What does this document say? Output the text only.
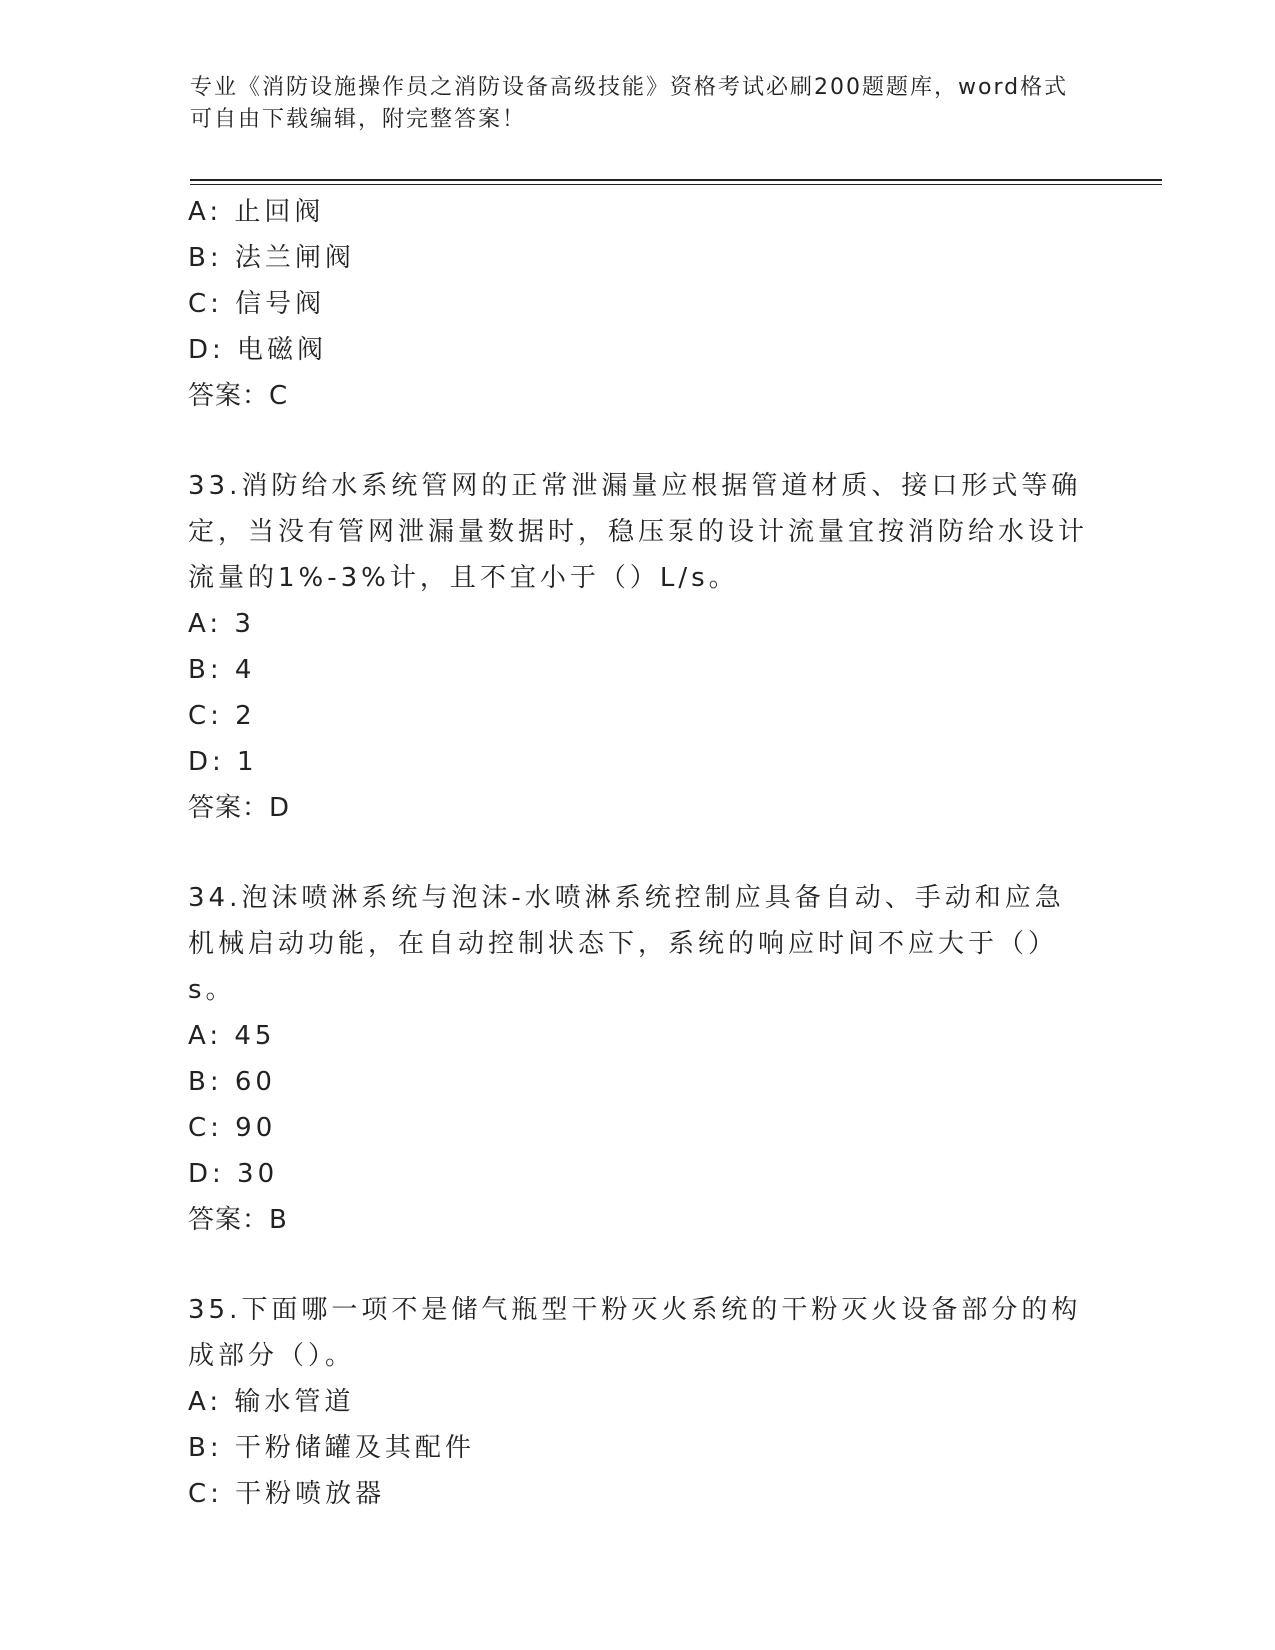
专业《消防设施操作员之消防设备高级技能》资格考试必刷200题题库，word格式可自由下载编辑，附完整答案！
A: 止回阀
B: 法兰闸阀
C: 信号阀
D: 电磁阀
答案：C
33.消防给水系统管网的正常泄漏量应根据管道材质、接口形式等确定，当没有管网泄漏量数据时，稳压泵的设计流量宜按消防给水设计流量的1%-3%计，且不宜小于（）L/s。
A: 3
B: 4
C: 2
D: 1
答案：D
34.泡沫喷淋系统与泡沫-水喷淋系统控制应具备自动、手动和应急机械启动功能，在自动控制状态下，系统的响应时间不应大于（）s。
A: 45
B: 60
C: 90
D: 30
答案：B
35.下面哪一项不是储气瓶型干粉灭火系统的干粉灭火设备部分的构成部分（）。
A: 输水管道
B: 干粉储罐及其配件
C: 干粉喷放器
